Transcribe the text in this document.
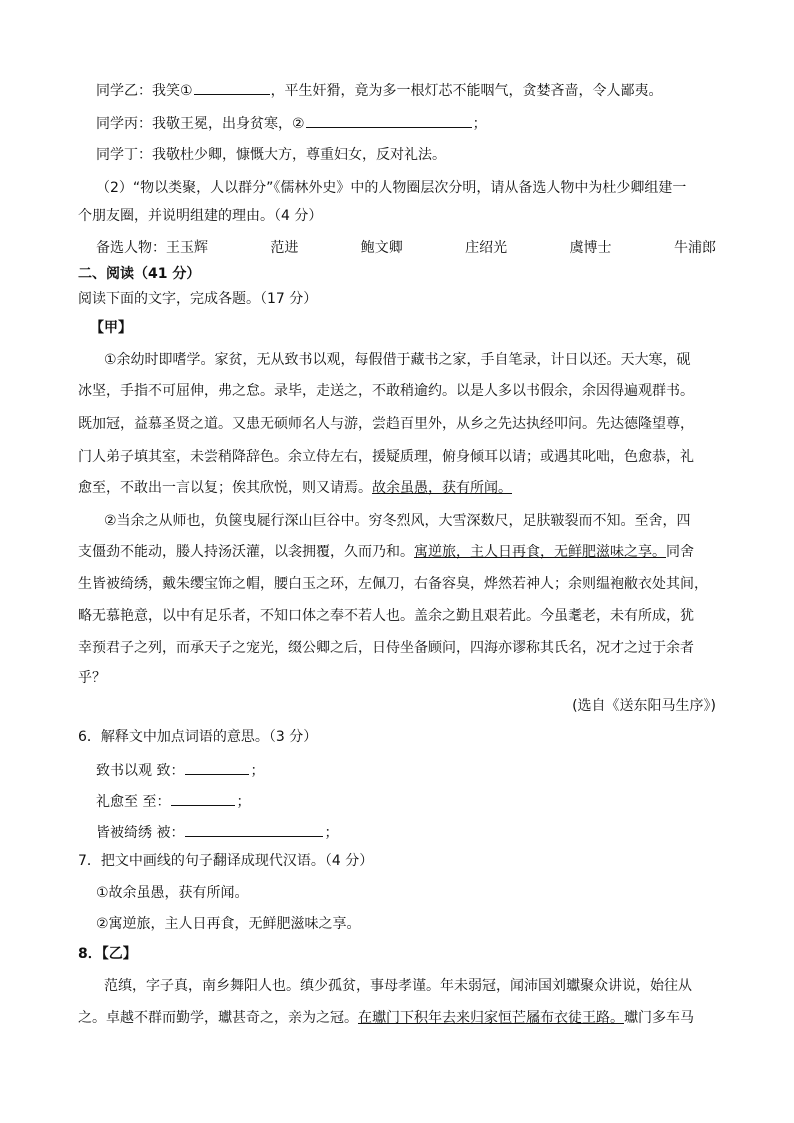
同学乙：我笑①	，平生奸猾，竟为多一根灯芯不能咽气，贪婪吝啬，令人鄙夷。
同学丙：我敬王冕，出身贫寒，②	；
同学丁：我敬杜少卿，慷慨大方，尊重妇女，反对礼法。
（2）“物以类聚，人以群分”《儒林外史》中的人物圈层次分明，请从备选人物中为杜少卿组建一
个朋友圈，并说明组建的理由。（4 分）
备选人物：王玉辉	范进	鲍文卿	庄绍光	虞博士	牛浦郎
二、阅读（41 分）
阅读下面的文字，完成各题。（17 分）
【甲】
①余幼时即嗜学。家贫，无从致书以观，每假借于藏书之家，手自笔录，计日以还。天大寒，砚
冰坚，手指不可屈伸，弗之怠。录毕，走送之，不敢稍逾约。以是人多以书假余，余因得遍观群书。
既加冠，益慕圣贤之道。又患无硕师名人与游，尝趋百里外，从乡之先达执经叩问。先达德隆望尊，
门人弟子填其室，未尝稍降辞色。余立侍左右，援疑质理，俯身倾耳以请；或遇其叱咄，色愈恭，礼
愈至，不敢出一言以复；俟其欣悦，则又请焉。故余虽愚，获有所闻。
②当余之从师也，负箧曳屣行深山巨谷中。穷冬烈风，大雪深数尺，足肤皲裂而不知。至舍，四
支僵劲不能动，媵人持汤沃灌，以衾拥覆，久而乃和。寓逆旅，主人日再食，无鲜肥滋味之享。同舍
生皆被绮绣，戴朱缨宝饰之帽，腰白玉之环，左佩刀，右备容臭，烨然若神人；余则缊袍敝衣处其间，
略无慕艳意，以中有足乐者，不知口体之奉不若人也。盖余之勤且艰若此。今虽耄老，未有所成，犹
幸预君子之列，而承天子之宠光，缀公卿之后，日侍坐备顾问，四海亦谬称其氏名，况才之过于余者
乎？
(选自《送东阳马生序》)
6．解释文中加点词语的意思。（3 分）
致书以观 致：	；
礼愈至 至：	；
皆被绮绣 被：	；
7．把文中画线的句子翻译成现代汉语。（4 分）
①故余虽愚，获有所闻。
②寓逆旅，主人日再食，无鲜肥滋味之享。
8．【乙】
范缜，字子真，南乡舞阳人也。缜少孤贫，事母孝谨。年未弱冠，闻沛国刘瓛聚众讲说，始往从
之。卓越不群而勤学，瓛甚奇之，亲为之冠。在瓛门下积年去来归家恒芒屩布衣徒王路。瓛门多车马
